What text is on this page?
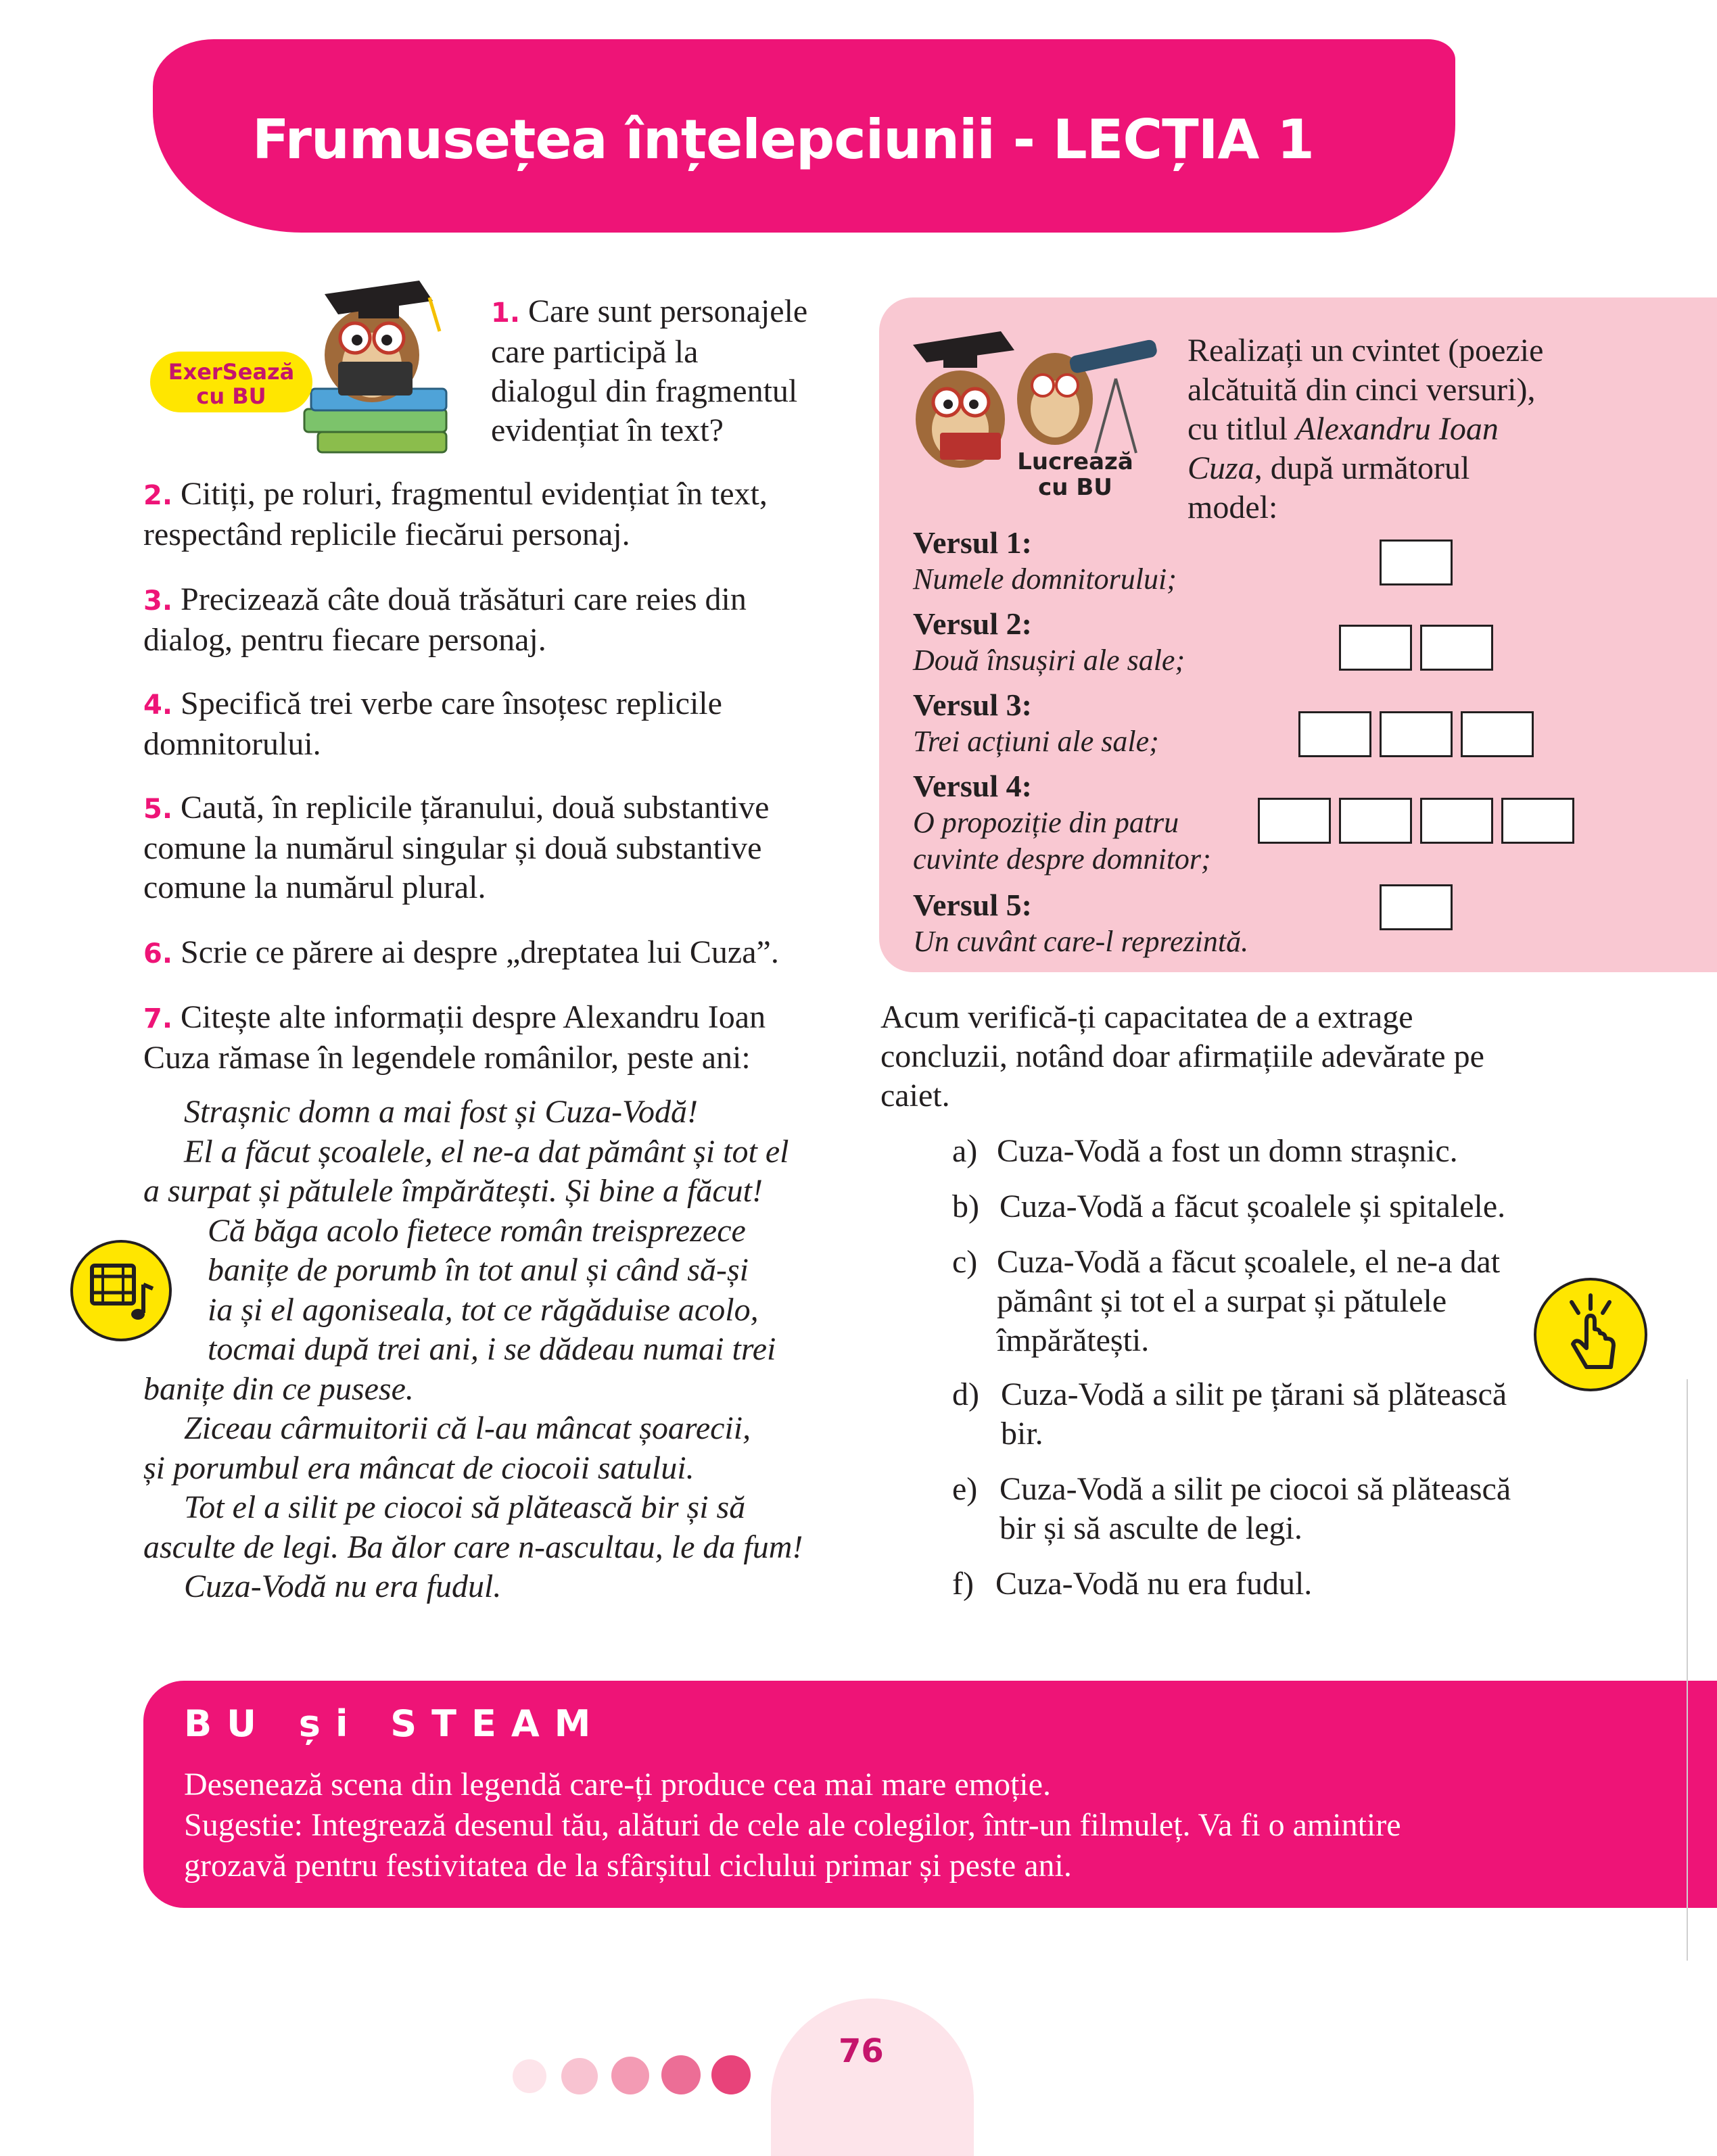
Frumusețea înțelepciunii - LECȚIA 1
ExerSează
cu BU
1. Care sunt personajele
care participă la
dialogul din fragmentul
evidențiat în text?
2. Citiți, pe roluri, fragmentul evidențiat în text,
respectând replicile fiecărui personaj.
3. Precizează câte două trăsături care reies din
dialog, pentru fiecare personaj.
4. Specifică trei verbe care însoțesc replicile
domnitorului.
5. Caută, în replicile țăranului, două substantive
comune la numărul singular și două substantive
comune la numărul plural.
6. Scrie ce părere ai despre „dreptatea lui Cuza”.
7. Citește alte informații despre Alexandru Ioan
Cuza rămase în legendele românilor, peste ani:
Strașnic domn a mai fost și Cuza-Vodă!
El a făcut școalele, el ne-a dat pământ și tot el
a surpat și pătulele împărătești. Și bine a făcut!
Că băga acolo fietece român treisprezece
banițe de porumb în tot anul și când să-și
ia și el agoniseala, tot ce răgăduise acolo,
tocmai după trei ani, i se dădeau numai trei
banițe din ce pusese.
Ziceau cârmuitorii că l-au mâncat șoarecii,
și porumbul era mâncat de ciocoii satului.
Tot el a silit pe ciocoi să plătească bir și să
asculte de legi. Ba ălor care n-ascultau, le da fum!
Cuza-Vodă nu era fudul.
Lucrează
cu BU
Realizați un cvintet (poezie
alcătuită din cinci versuri),
cu titlul Alexandru Ioan
Cuza, după următorul
model:
Versul 1:
Numele domnitorului;
Versul 2:
Două însușiri ale sale;
Versul 3:
Trei acțiuni ale sale;
Versul 4:
O propoziție din patru
cuvinte despre domnitor;
Versul 5:
Un cuvânt care-l reprezintă.
Acum verifică-ți capacitatea de a extrage
concluzii, notând doar afirmațiile adevărate pe
caiet.
a) Cuza-Vodă a fost un domn strașnic.
b) Cuza-Vodă a făcut școalele și spitalele.
c) Cuza-Vodă a făcut școalele, el ne-a dat
pământ și tot el a surpat și pătulele
împărătești.
d) Cuza-Vodă a silit pe țărani să plătească
bir.
e) Cuza-Vodă a silit pe ciocoi să plătească
bir și să asculte de legi.
f) Cuza-Vodă nu era fudul.
BU și STEAM
Desenează scena din legendă care-ți produce cea mai mare emoție.
Sugestie: Integrează desenul tău, alături de cele ale colegilor, într-un filmuleț. Va fi o amintire
grozavă pentru festivitatea de la sfârșitul ciclului primar și peste ani.
76
